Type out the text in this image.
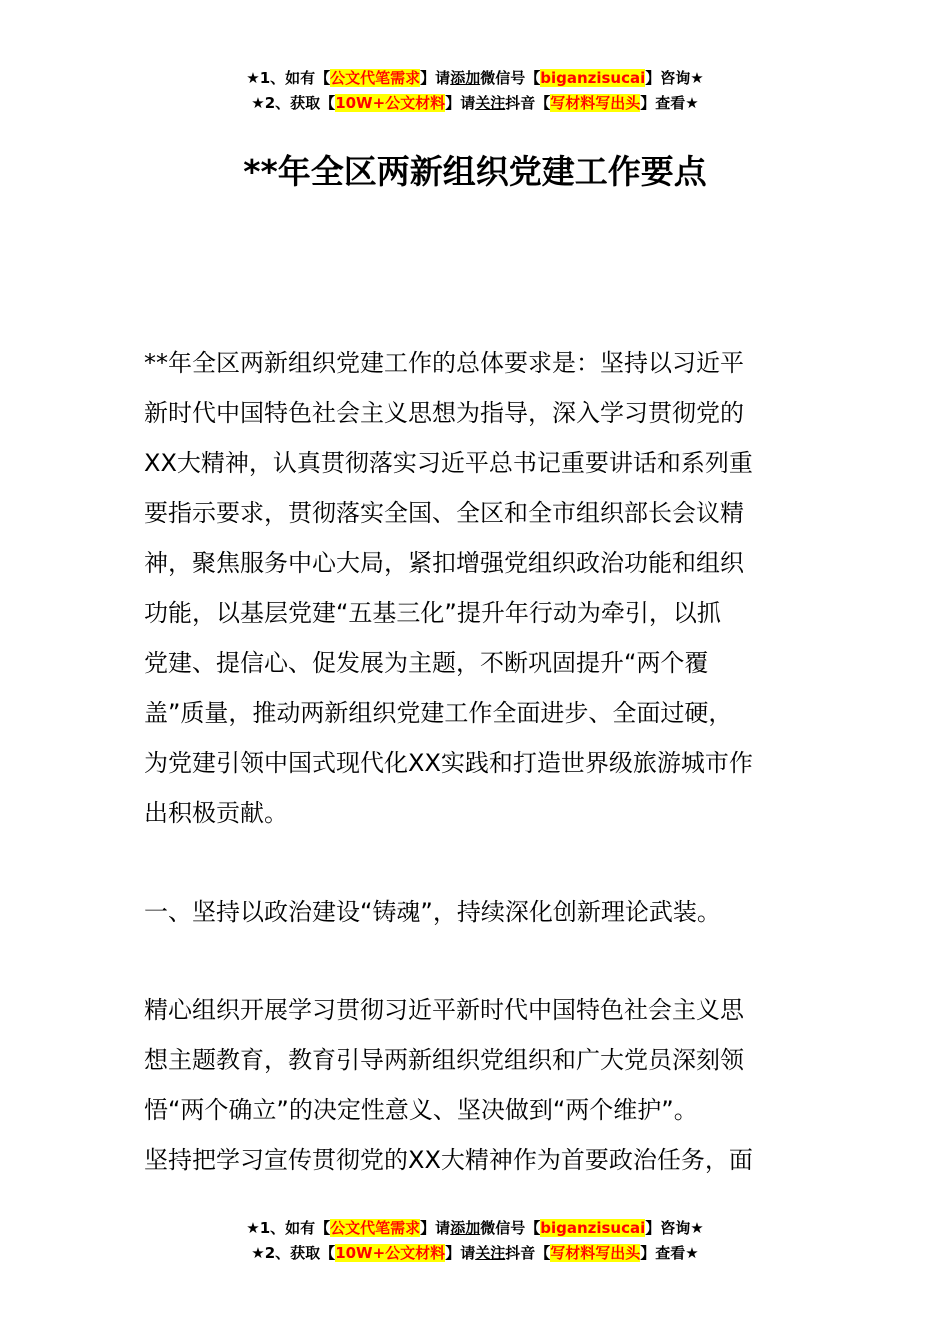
★1、如有【公文代笔需求】请添加微信号【biganzisucai】咨询★
★2、获取【10W+公文材料】请关注抖音【写材料写出头】查看★
**年全区两新组织党建工作要点
**年全区两新组织党建工作的总体要求是：坚持以习近平
新时代中国特色社会主义思想为指导，深入学习贯彻党的
XX大精神，认真贯彻落实习近平总书记重要讲话和系列重
要指示要求，贯彻落实全国、全区和全市组织部长会议精
神，聚焦服务中心大局，紧扣增强党组织政治功能和组织
功能，以基层党建“五基三化”提升年行动为牵引，以抓
党建、提信心、促发展为主题，不断巩固提升“两个覆
盖”质量，推动两新组织党建工作全面进步、全面过硬，
为党建引领中国式现代化XX实践和打造世界级旅游城市作
出积极贡献。
一、坚持以政治建设“铸魂”，持续深化创新理论武装。
精心组织开展学习贯彻习近平新时代中国特色社会主义思
想主题教育，教育引导两新组织党组织和广大党员深刻领
悟“两个确立”的决定性意义、坚决做到“两个维护”。
坚持把学习宣传贯彻党的XX大精神作为首要政治任务，面
★1、如有【公文代笔需求】请添加微信号【biganzisucai】咨询★
★2、获取【10W+公文材料】请关注抖音【写材料写出头】查看★
